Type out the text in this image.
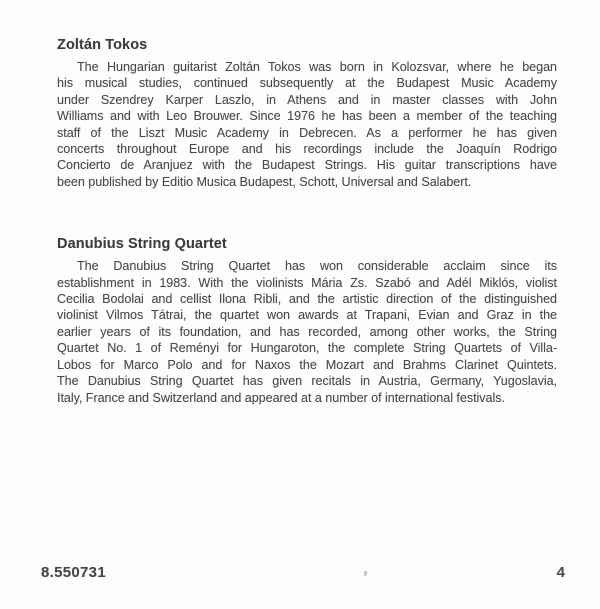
Zoltán Tokos
The Hungarian guitarist Zoltán Tokos was born in Kolozsvar, where he began
his musical studies, continued subsequently at the Budapest Music Academy
under Szendrey Karper Laszlo, in Athens and in master classes with John
Williams and with Leo Brouwer. Since 1976 he has been a member of the teaching
staff of the Liszt Music Academy in Debrecen. As a performer he has given
concerts throughout Europe and his recordings include the Joaquín Rodrigo
Concierto de Aranjuez with the Budapest Strings. His guitar transcriptions have
been published by Editio Musica Budapest, Schott, Universal and Salabert.
Danubius String Quartet
The Danubius String Quartet has won considerable acclaim since its
establishment in 1983. With the violinists Mária Zs. Szabó and Adél Miklós, violist
Cecilia Bodolai and cellist Ilona Ribli, and the artistic direction of the distinguished
violinist Vilmos Tátrai, the quartet won awards at Trapani, Evian and Graz in the
earlier years of its foundation, and has recorded, among other works, the String
Quartet No. 1 of Reményi for Hungaroton, the complete String Quartets of Villa-
Lobos for Marco Polo and for Naxos the Mozart and Brahms Clarinet Quintets.
The Danubius String Quartet has given recitals in Austria, Germany, Yugoslavia,
Italy, France and Switzerland and appeared at a number of international festivals.
8.550731	4
